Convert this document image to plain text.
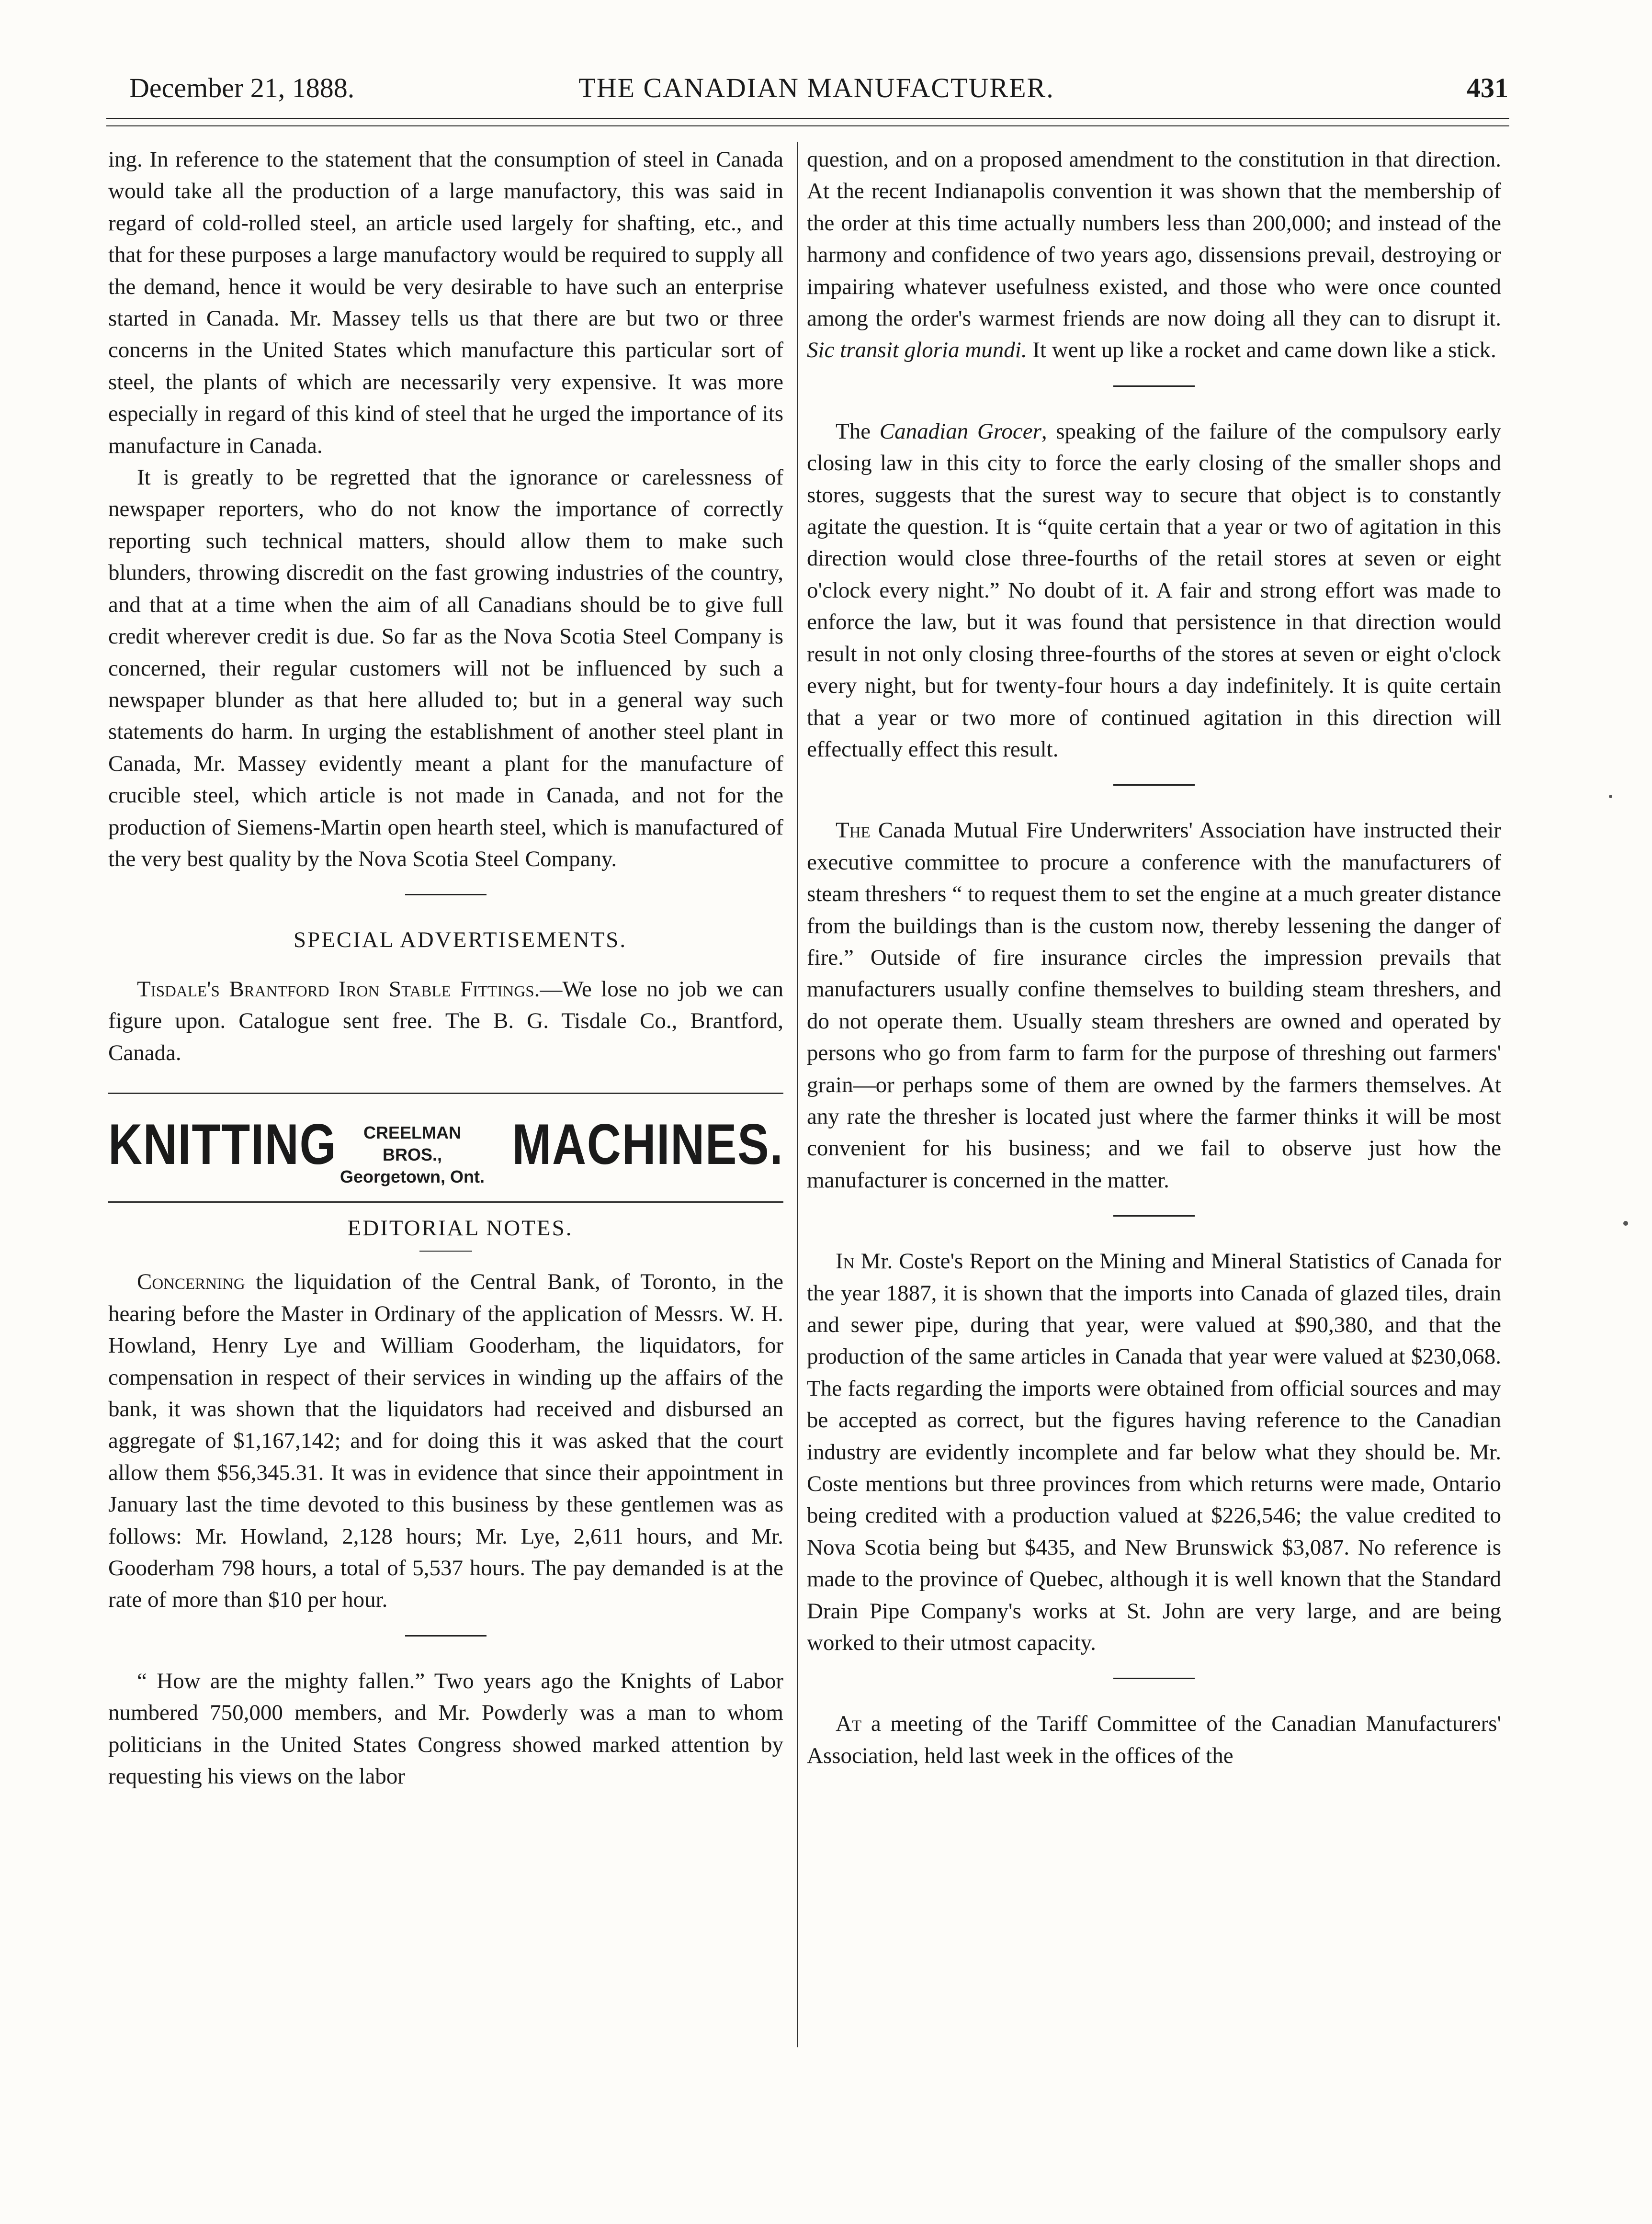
December 21, 1888.	THE CANADIAN MANUFACTURER.	431

ing. In reference to the statement that the consumption of steel in Canada would take all the production of a large manufactory, this was said in regard of cold-rolled steel, an article used largely for shafting, etc., and that for these purposes a large manufactory would be required to supply all the demand, hence it would be very desirable to have such an enterprise started in Canada. Mr. Massey tells us that there are but two or three concerns in the United States which manufacture this particular sort of steel, the plants of which are necessarily very expensive. It was more especially in regard of this kind of steel that he urged the importance of its manufacture in Canada.

It is greatly to be regretted that the ignorance or carelessness of newspaper reporters, who do not know the importance of correctly reporting such technical matters, should allow them to make such blunders, throwing discredit on the fast growing industries of the country, and that at a time when the aim of all Canadians should be to give full credit wherever credit is due. So far as the Nova Scotia Steel Company is concerned, their regular customers will not be influenced by such a newspaper blunder as that here alluded to; but in a general way such statements do harm. In urging the establishment of another steel plant in Canada, Mr. Massey evidently meant a plant for the manufacture of crucible steel, which article is not made in Canada, and not for the production of Siemens-Martin open hearth steel, which is manufactured of the very best quality by the Nova Scotia Steel Company.

SPECIAL ADVERTISEMENTS.

Tisdale's Brantford Iron Stable Fittings.—We lose no job we can figure upon. Catalogue sent free. The B. G. Tisdale Co., Brantford, Canada.

KNITTING	CREELMAN BROS.,
Georgetown, Ont.
MACHINES.

EDITORIAL NOTES.

Concerning the liquidation of the Central Bank, of Toronto, in the hearing before the Master in Ordinary of the application of Messrs. W. H. Howland, Henry Lye and William Gooderham, the liquidators, for compensation in respect of their services in winding up the affairs of the bank, it was shown that the liquidators had received and disbursed an aggregate of $1,167,142; and for doing this it was asked that the court allow them $56,345.31. It was in evidence that since their appointment in January last the time devoted to this business by these gentlemen was as follows: Mr. Howland, 2,128 hours; Mr. Lye, 2,611 hours, and Mr. Gooderham 798 hours, a total of 5,537 hours. The pay demanded is at the rate of more than $10 per hour.

“ How are the mighty fallen.” Two years ago the Knights of Labor numbered 750,000 members, and Mr. Powderly was a man to whom politicians in the United States Congress showed marked attention by requesting his views on the labor

question, and on a proposed amendment to the constitution in that direction. At the recent Indianapolis convention it was shown that the membership of the order at this time actually numbers less than 200,000; and instead of the harmony and confidence of two years ago, dissensions prevail, destroying or impairing whatever usefulness existed, and those who were once counted among the order's warmest friends are now doing all they can to disrupt it. Sic transit gloria mundi. It went up like a rocket and came down like a stick.

The Canadian Grocer, speaking of the failure of the compulsory early closing law in this city to force the early closing of the smaller shops and stores, suggests that the surest way to secure that object is to constantly agitate the question. It is “quite certain that a year or two of agitation in this direction would close three-fourths of the retail stores at seven or eight o'clock every night.” No doubt of it. A fair and strong effort was made to enforce the law, but it was found that persistence in that direction would result in not only closing three-fourths of the stores at seven or eight o'clock every night, but for twenty-four hours a day indefinitely. It is quite certain that a year or two more of continued agitation in this direction will effectually effect this result.

The Canada Mutual Fire Underwriters' Association have instructed their executive committee to procure a conference with the manufacturers of steam threshers “ to request them to set the engine at a much greater distance from the buildings than is the custom now, thereby lessening the danger of fire.” Outside of fire insurance circles the impression prevails that manufacturers usually confine themselves to building steam threshers, and do not operate them. Usually steam threshers are owned and operated by persons who go from farm to farm for the purpose of threshing out farmers' grain—or perhaps some of them are owned by the farmers themselves. At any rate the thresher is located just where the farmer thinks it will be most convenient for his business; and we fail to observe just how the manufacturer is concerned in the matter.

In Mr. Coste's Report on the Mining and Mineral Statistics of Canada for the year 1887, it is shown that the imports into Canada of glazed tiles, drain and sewer pipe, during that year, were valued at $90,380, and that the production of the same articles in Canada that year were valued at $230,068. The facts regarding the imports were obtained from official sources and may be accepted as correct, but the figures having reference to the Canadian industry are evidently incomplete and far below what they should be. Mr. Coste mentions but three provinces from which returns were made, Ontario being credited with a production valued at $226,546; the value credited to Nova Scotia being but $435, and New Brunswick $3,087. No reference is made to the province of Quebec, although it is well known that the Standard Drain Pipe Company's works at St. John are very large, and are being worked to their utmost capacity.

At a meeting of the Tariff Committee of the Canadian Manufacturers' Association, held last week in the offices of the
